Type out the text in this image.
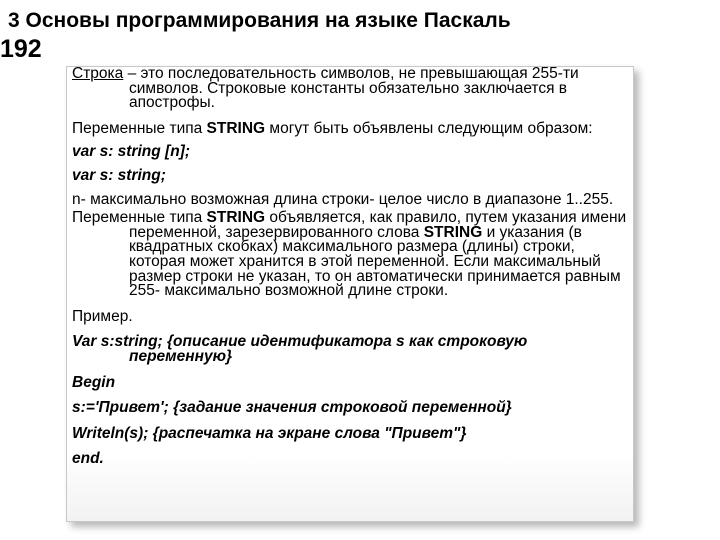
3 Основы программирования на языке Паскаль
192

Строка – это последовательность символов, не превышающая 255-ти символов. Строковые константы обязательно заключается в апострофы.

Переменные типа STRING могут быть объявлены следующим образом:

var s: string [n];

var s: string;

n- максимально возможная длина строки- целое число в диапазоне 1..255.

Переменные типа STRING объявляется, как правило, путем указания имени переменной, зарезервированного слова STRING и указания (в квадратных скобках) максимального размера (длины) строки, которая может хранится в этой переменной. Если максимальный размер строки не указан, то он автоматически принимается равным 255- максимально возможной длине строки.

Пример.

Var s:string; {описание идентификатора s как строковую переменную}

Begin

s:='Привет'; {задание значения строковой переменной}

Writeln(s); {распечатка на экране слова "Привет"}

end.
